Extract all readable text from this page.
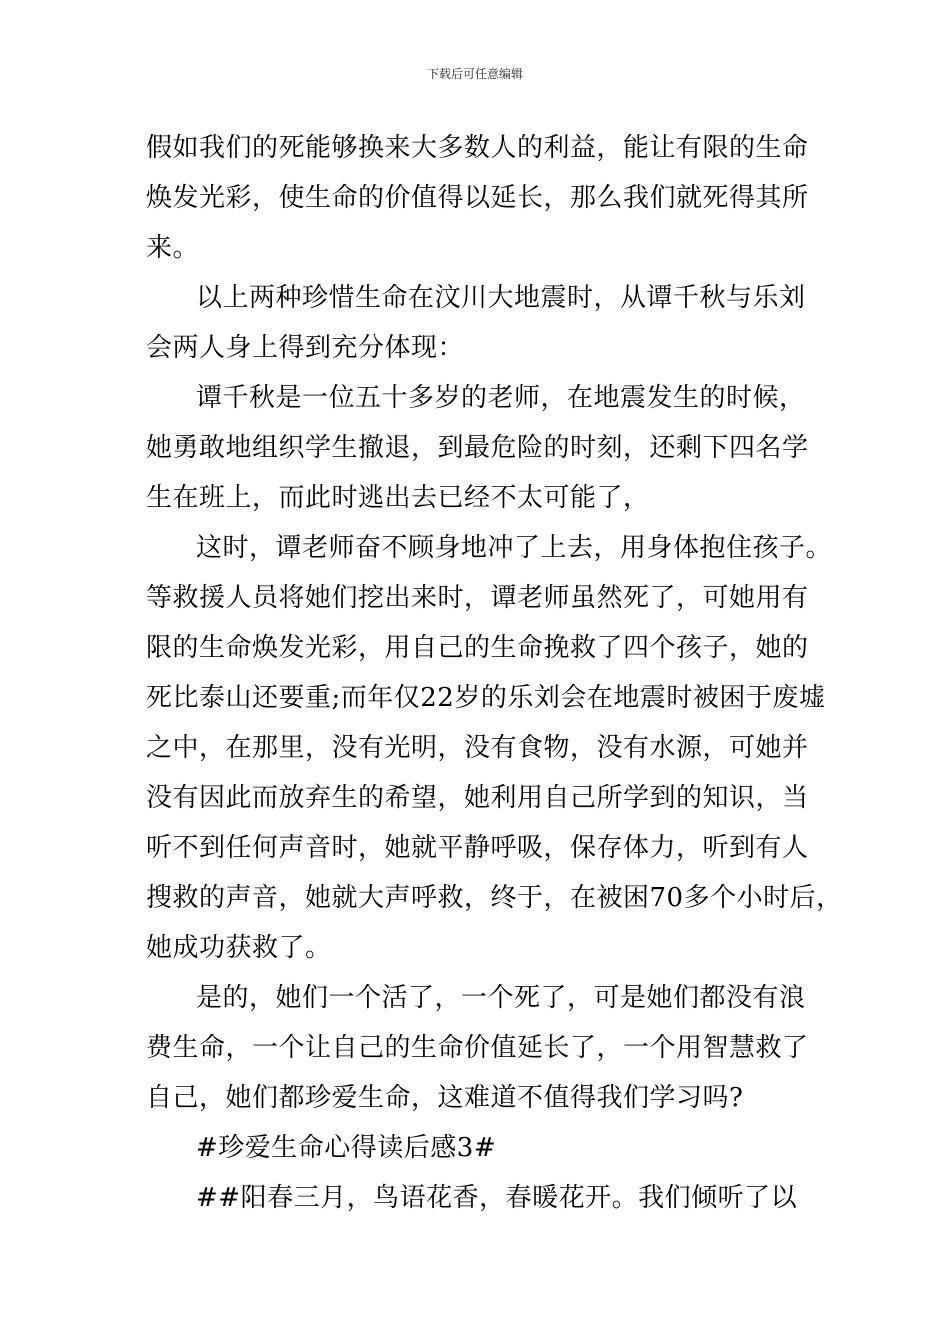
下载后可任意编辑
假如我们的死能够换来大多数人的利益，能让有限的生命
焕发光彩，使生命的价值得以延长，那么我们就死得其所
来。
以上两种珍惜生命在汶川大地震时，从谭千秋与乐刘
会两人身上得到充分体现：
谭千秋是一位五十多岁的老师，在地震发生的时候，
她勇敢地组织学生撤退，到最危险的时刻，还剩下四名学
生在班上，而此时逃出去已经不太可能了，
这时，谭老师奋不顾身地冲了上去，用身体抱住孩子。
等救援人员将她们挖出来时，谭老师虽然死了，可她用有
限的生命焕发光彩，用自己的生命挽救了四个孩子，她的
死比泰山还要重;而年仅22岁的乐刘会在地震时被困于废墟
之中，在那里，没有光明，没有食物，没有水源，可她并
没有因此而放弃生的希望，她利用自己所学到的知识，当
听不到任何声音时，她就平静呼吸，保存体力，听到有人
搜救的声音，她就大声呼救，终于，在被困70多个小时后，
她成功获救了。
是的，她们一个活了，一个死了，可是她们都没有浪
费生命，一个让自己的生命价值延长了，一个用智慧救了
自己，她们都珍爱生命，这难道不值得我们学习吗?
#珍爱生命心得读后感3#
##阳春三月，鸟语花香，春暖花开。我们倾听了以
